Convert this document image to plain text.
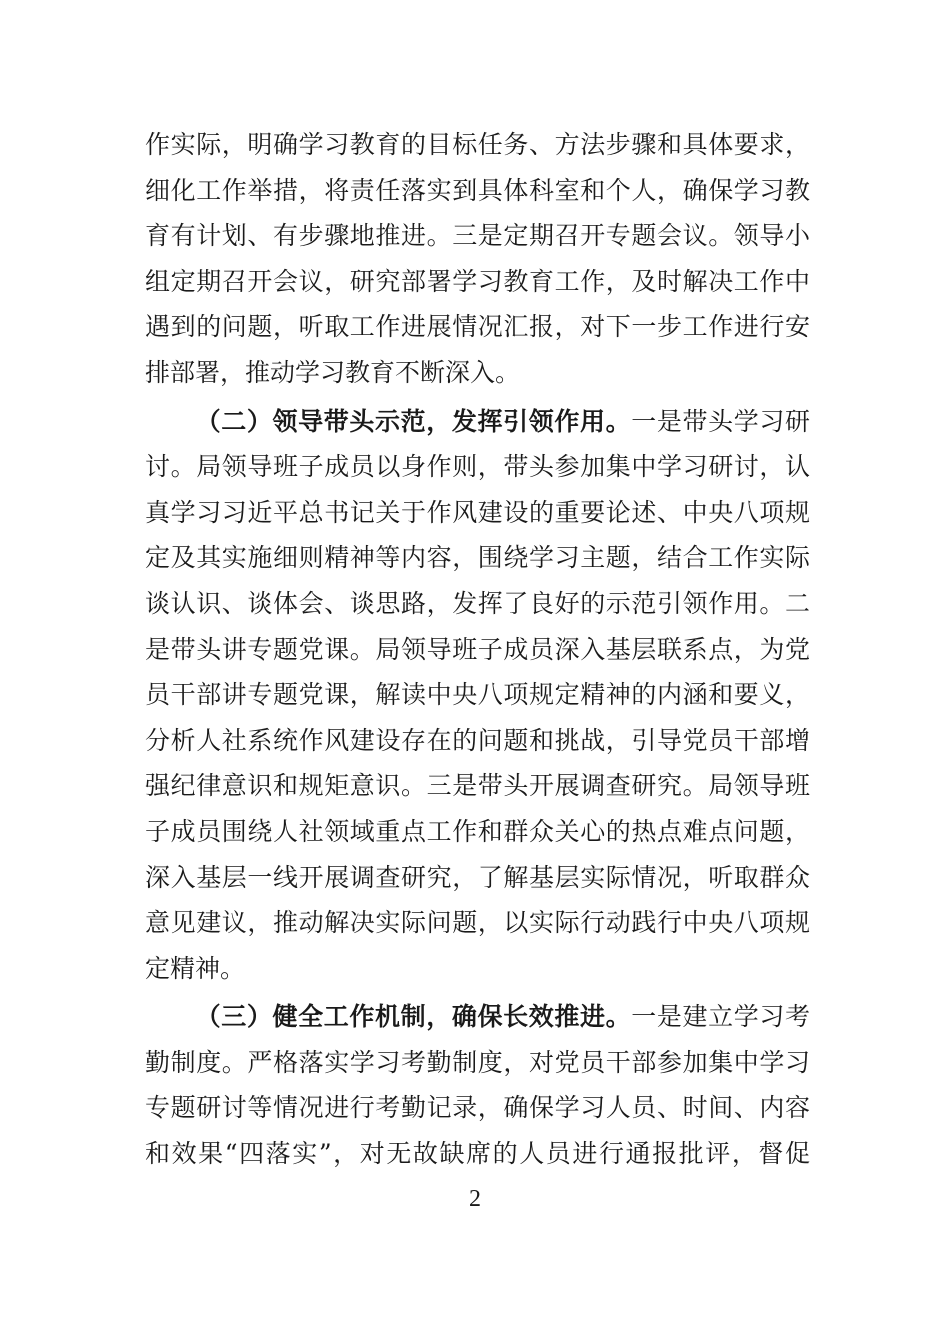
作实际，明确学习教育的目标任务、方法步骤和具体要求，
细化工作举措，将责任落实到具体科室和个人，确保学习教
育有计划、有步骤地推进。三是定期召开专题会议。领导小
组定期召开会议，研究部署学习教育工作，及时解决工作中
遇到的问题，听取工作进展情况汇报，对下一步工作进行安
排部署，推动学习教育不断深入。
（二）领导带头示范，发挥引领作用。一是带头学习研
讨。局领导班子成员以身作则，带头参加集中学习研讨，认
真学习习近平总书记关于作风建设的重要论述、中央八项规
定及其实施细则精神等内容，围绕学习主题，结合工作实际
谈认识、谈体会、谈思路，发挥了良好的示范引领作用。二
是带头讲专题党课。局领导班子成员深入基层联系点，为党
员干部讲专题党课，解读中央八项规定精神的内涵和要义，
分析人社系统作风建设存在的问题和挑战，引导党员干部增
强纪律意识和规矩意识。三是带头开展调查研究。局领导班
子成员围绕人社领域重点工作和群众关心的热点难点问题，
深入基层一线开展调查研究，了解基层实际情况，听取群众
意见建议，推动解决实际问题，以实际行动践行中央八项规
定精神。
（三）健全工作机制，确保长效推进。一是建立学习考
勤制度。严格落实学习考勤制度，对党员干部参加集中学习
专题研讨等情况进行考勤记录，确保学习人员、时间、内容
和效果“四落实”，对无故缺席的人员进行通报批评，督促
2
